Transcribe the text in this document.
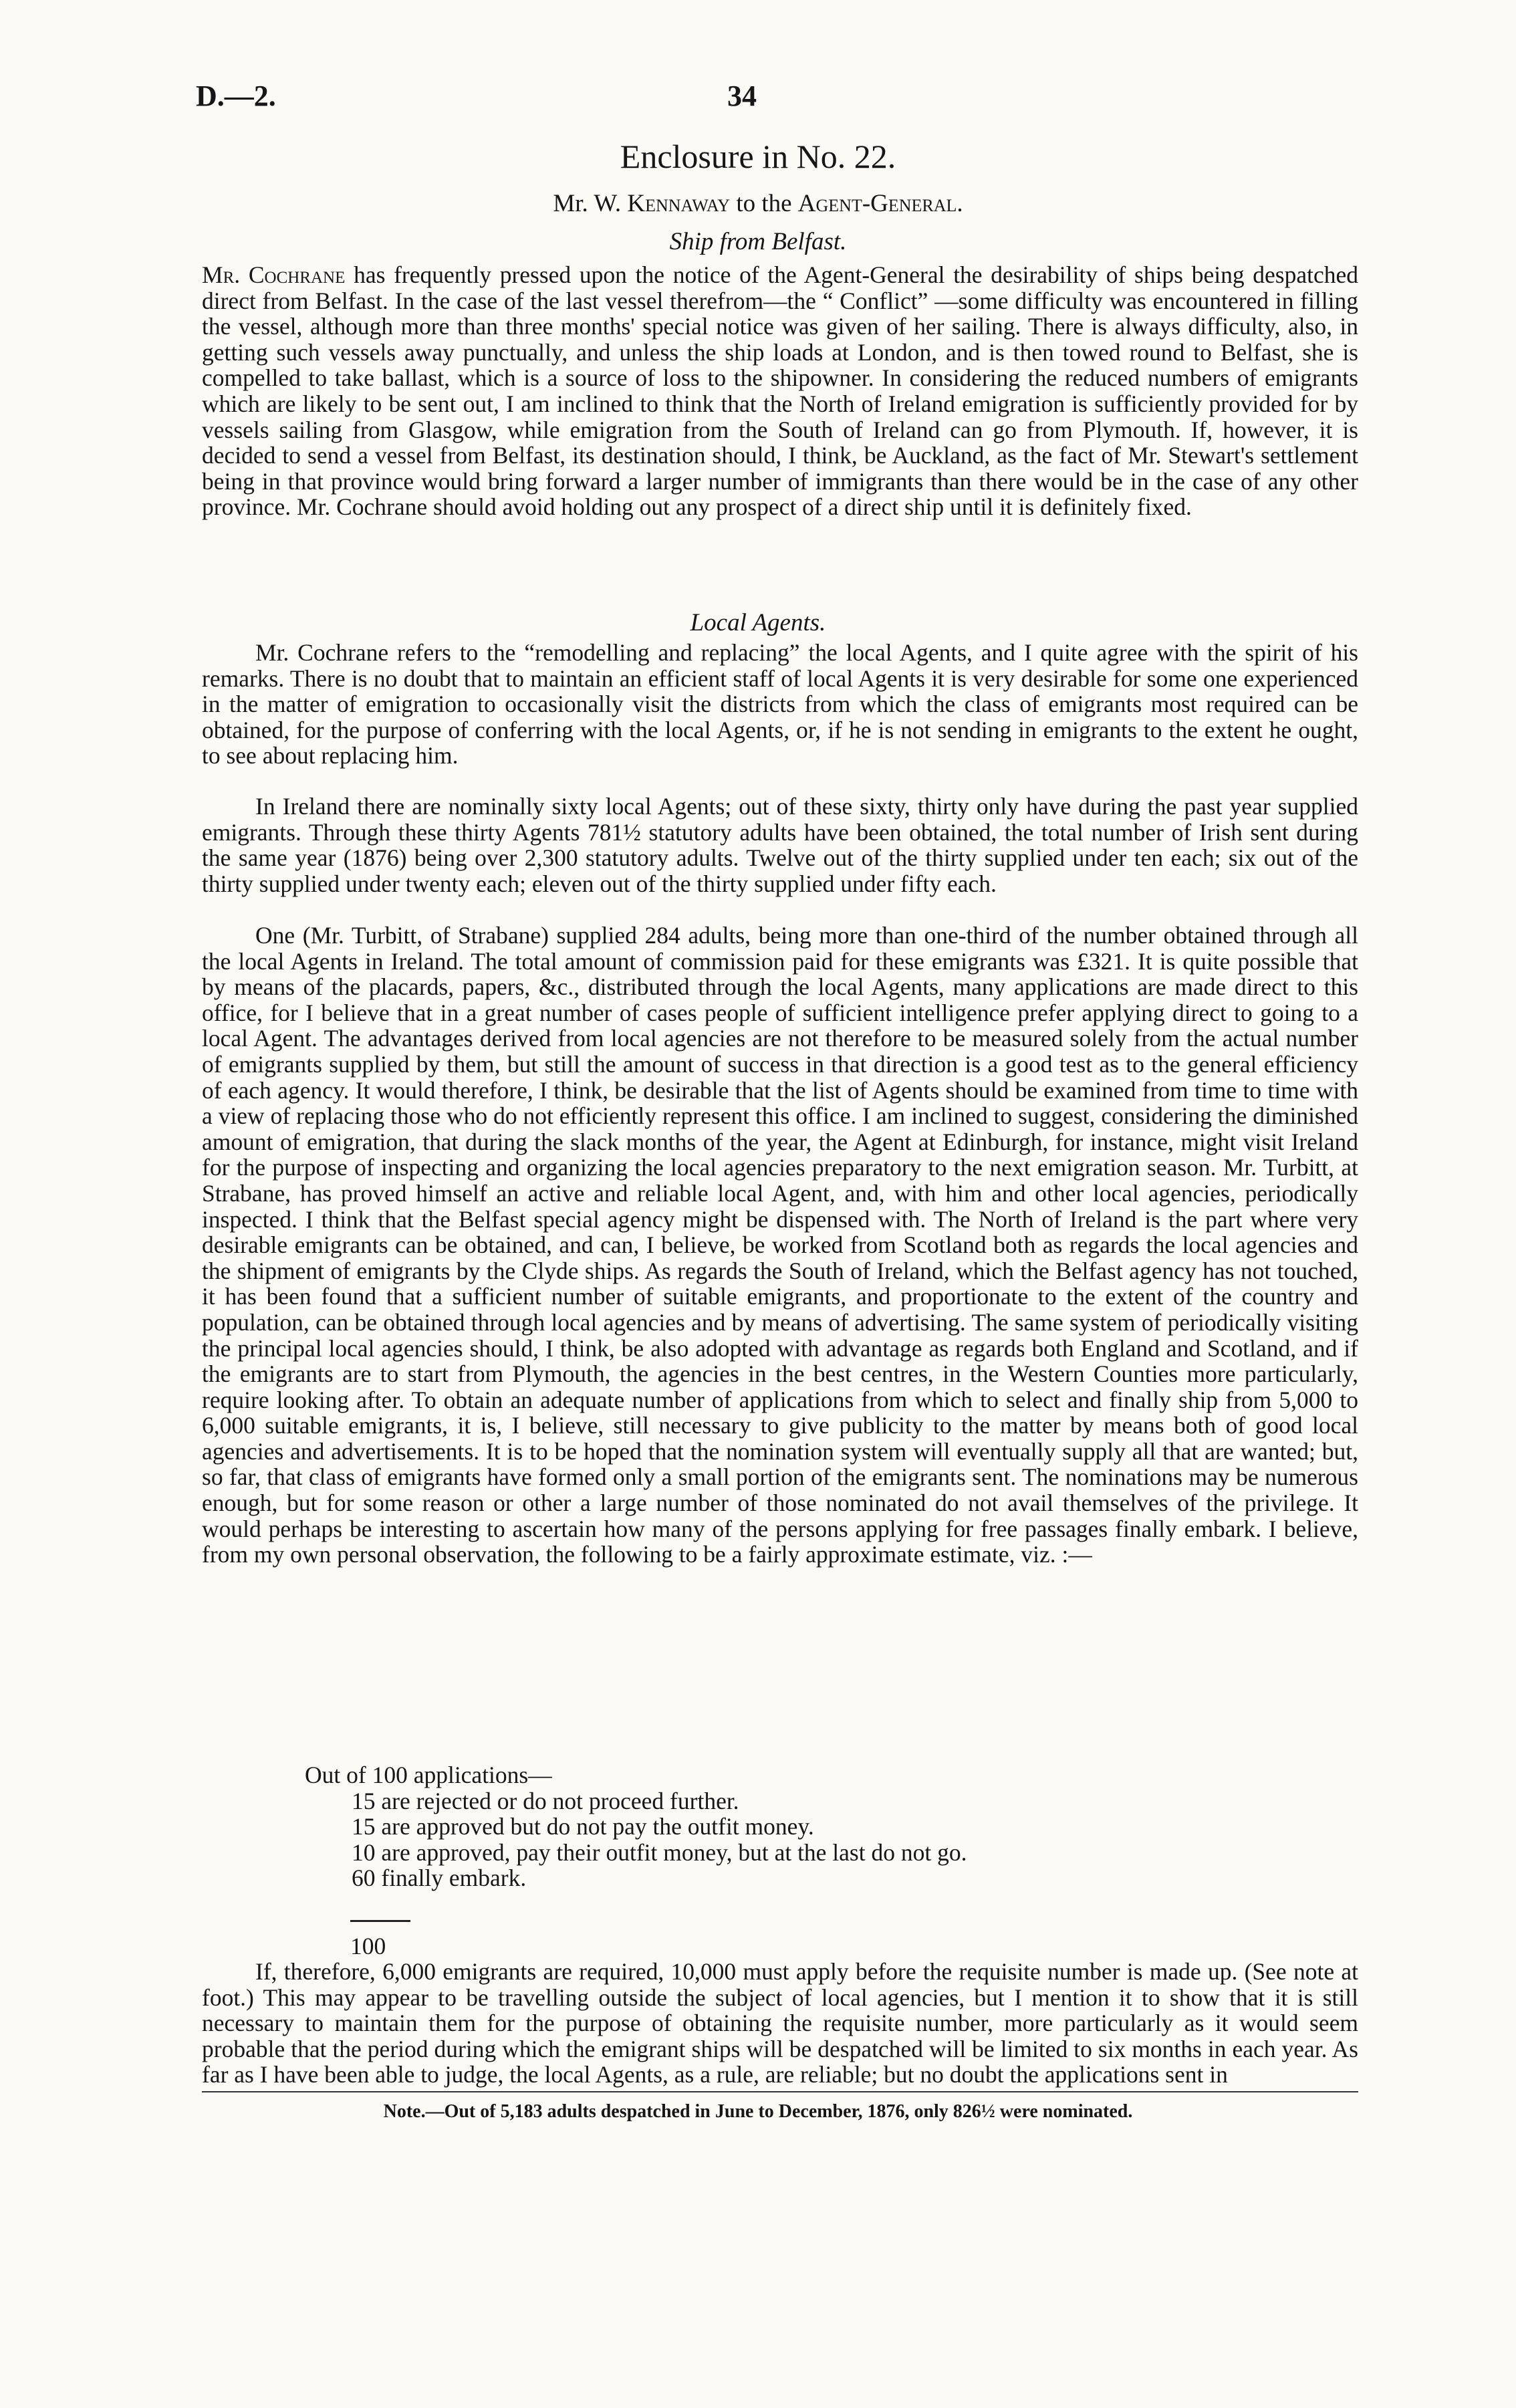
D.—2.	34
Enclosure in No. 22.
Mr. W. Kennaway to the Agent-General.
Ship from Belfast.

Mr. Cochrane has frequently pressed upon the notice of the Agent-General the desirability of ships being despatched direct from Belfast. In the case of the last vessel therefrom—the “ Conflict” —some difficulty was encountered in filling the vessel, although more than three months' special notice was given of her sailing. There is always difficulty, also, in getting such vessels away punctually, and unless the ship loads at London, and is then towed round to Belfast, she is compelled to take ballast, which is a source of loss to the shipowner. In considering the reduced numbers of emigrants which are likely to be sent out, I am inclined to think that the North of Ireland emigration is sufficiently provided for by vessels sailing from Glasgow, while emigration from the South of Ireland can go from Plymouth. If, however, it is decided to send a vessel from Belfast, its destination should, I think, be Auckland, as the fact of Mr. Stewart's settlement being in that province would bring forward a larger number of immigrants than there would be in the case of any other province. Mr. Cochrane should avoid holding out any prospect of a direct ship until it is definitely fixed.

Local Agents.

Mr. Cochrane refers to the “remodelling and replacing” the local Agents, and I quite agree with the spirit of his remarks. There is no doubt that to maintain an efficient staff of local Agents it is very desirable for some one experienced in the matter of emigration to occasionally visit the districts from which the class of emigrants most required can be obtained, for the purpose of conferring with the local Agents, or, if he is not sending in emigrants to the extent he ought, to see about replacing him.

In Ireland there are nominally sixty local Agents; out of these sixty, thirty only have during the past year supplied emigrants. Through these thirty Agents 781½ statutory adults have been obtained, the total number of Irish sent during the same year (1876) being over 2,300 statutory adults. Twelve out of the thirty supplied under ten each; six out of the thirty supplied under twenty each; eleven out of the thirty supplied under fifty each.

One (Mr. Turbitt, of Strabane) supplied 284 adults, being more than one-third of the number obtained through all the local Agents in Ireland. The total amount of commission paid for these emigrants was £321. It is quite possible that by means of the placards, papers, &c., distributed through the local Agents, many applications are made direct to this office, for I believe that in a great number of cases people of sufficient intelligence prefer applying direct to going to a local Agent. The advantages derived from local agencies are not therefore to be measured solely from the actual number of emigrants supplied by them, but still the amount of success in that direction is a good test as to the general efficiency of each agency. It would therefore, I think, be desirable that the list of Agents should be examined from time to time with a view of replacing those who do not efficiently represent this office. I am inclined to suggest, considering the diminished amount of emigration, that during the slack months of the year, the Agent at Edinburgh, for instance, might visit Ireland for the purpose of inspecting and organizing the local agencies preparatory to the next emigration season. Mr. Turbitt, at Strabane, has proved himself an active and reliable local Agent, and, with him and other local agencies, periodically inspected. I think that the Belfast special agency might be dispensed with. The North of Ireland is the part where very desirable emigrants can be obtained, and can, I believe, be worked from Scotland both as regards the local agencies and the shipment of emigrants by the Clyde ships. As regards the South of Ireland, which the Belfast agency has not touched, it has been found that a sufficient number of suitable emigrants, and proportionate to the extent of the country and population, can be obtained through local agencies and by means of advertising. The same system of periodically visiting the principal local agencies should, I think, be also adopted with advantage as regards both England and Scotland, and if the emigrants are to start from Plymouth, the agencies in the best centres, in the Western Counties more particularly, require looking after. To obtain an adequate number of applications from which to select and finally ship from 5,000 to 6,000 suitable emigrants, it is, I believe, still necessary to give publicity to the matter by means both of good local agencies and advertisements. It is to be hoped that the nomination system will eventually supply all that are wanted; but, so far, that class of emigrants have formed only a small portion of the emigrants sent. The nominations may be numerous enough, but for some reason or other a large number of those nominated do not avail themselves of the privilege. It would perhaps be interesting to ascertain how many of the persons applying for free passages finally embark. I believe, from my own personal observation, the following to be a fairly approximate estimate, viz. :—

Out of 100 applications—
15 are rejected or do not proceed further.
15 are approved but do not pay the outfit money.
10 are approved, pay their outfit money, but at the last do not go.
60 finally embark.
100

If, therefore, 6,000 emigrants are required, 10,000 must apply before the requisite number is made up. (See note at foot.) This may appear to be travelling outside the subject of local agencies, but I mention it to show that it is still necessary to maintain them for the purpose of obtaining the requisite number, more particularly as it would seem probable that the period during which the emigrant ships will be despatched will be limited to six months in each year. As far as I have been able to judge, the local Agents, as a rule, are reliable; but no doubt the applications sent in

Note.—Out of 5,183 adults despatched in June to December, 1876, only 826½ were nominated.
